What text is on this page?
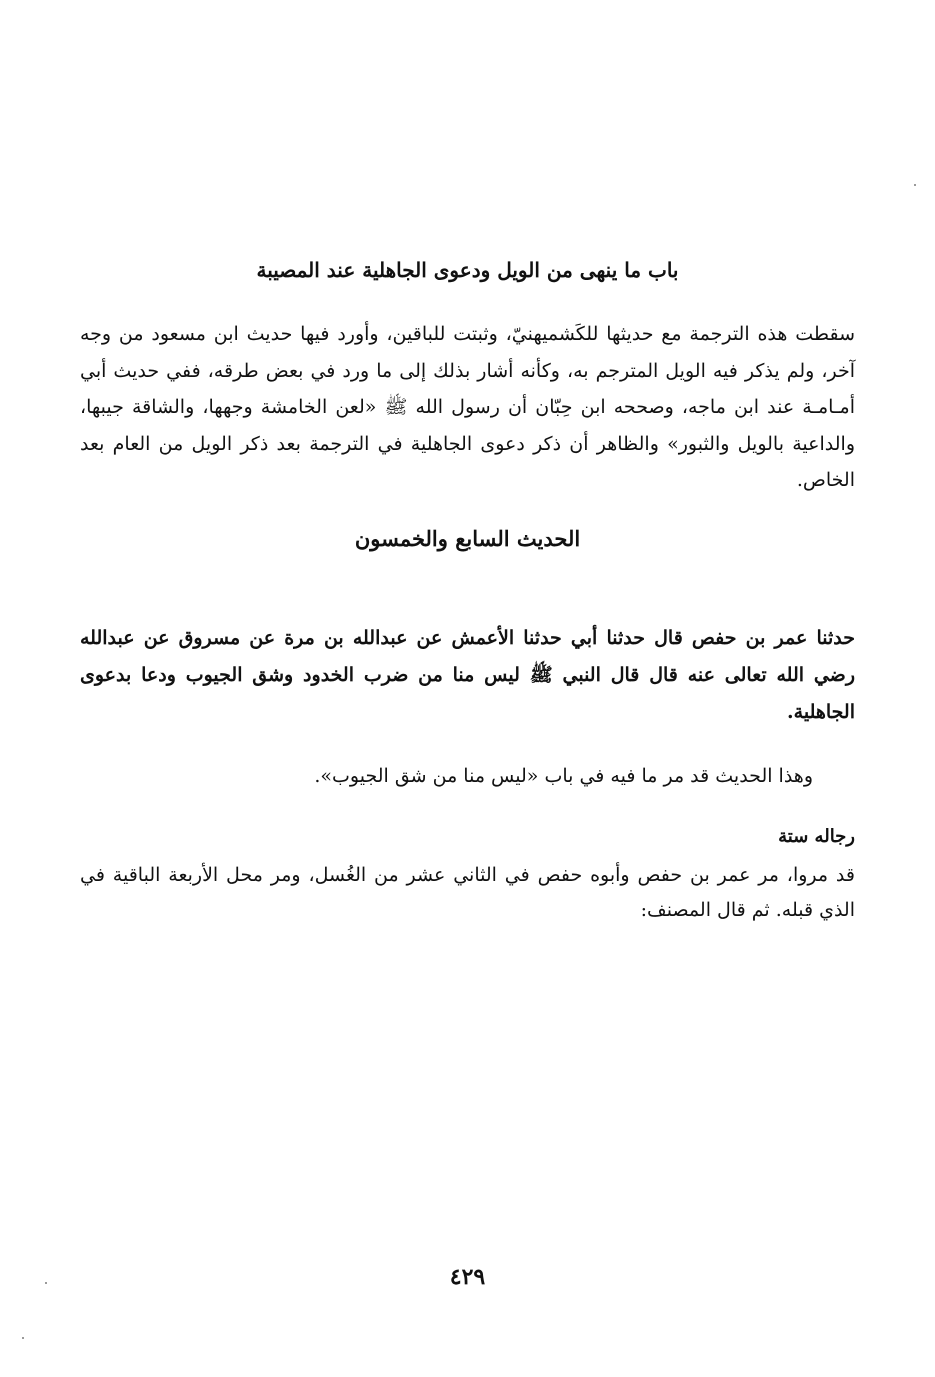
باب ما ينهى من الويل ودعوى الجاهلية عند المصيبة
سقطت هذه الترجمة مع حديثها للكَشميهنيّ، وثبتت للباقين، وأورد فيها حديث ابن مسعود من وجه آخر، ولم يذكر فيه الويل المترجم به، وكأنه أشار بذلك إلى ما ورد في بعض طرقه، ففي حديث أبي أمـامـة عند ابن ماجه، وصححه ابن حِبّان أن رسول الله ﷺ «لعن الخامشة وجهها، والشاقة جيبها، والداعية بالويل والثبور» والظاهر أن ذكر دعوى الجاهلية في الترجمة بعد ذكر الويل من العام بعد الخاص.
الحديث السابع والخمسون
حدثنا عمر بن حفص قال حدثنا أبي حدثنا الأعمش عن عبدالله بن مرة عن مسروق عن عبدالله رضي الله تعالى عنه قال قال النبي ﷺ ليس منا من ضرب الخدود وشق الجيوب ودعا بدعوى الجاهلية.
وهذا الحديث قد مر ما فيه في باب «ليس منا من شق الجيوب».
رجاله ستة
قد مروا، مر عمر بن حفص وأبوه حفص في الثاني عشر من الغُسل، ومر محل الأربعة الباقية في الذي قبله. ثم قال المصنف:
٤٢٩
